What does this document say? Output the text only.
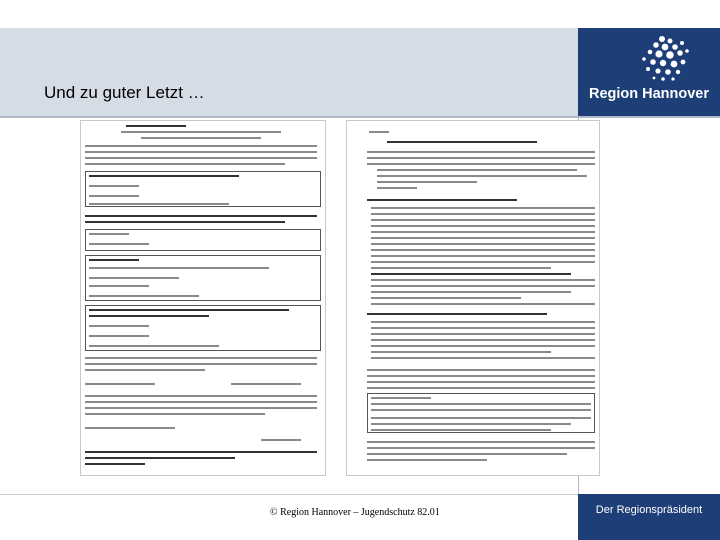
Region Hannover
Und zu guter Letzt …
© Region Hannover – Jugendschutz 82.01	Der Regionspräsident
